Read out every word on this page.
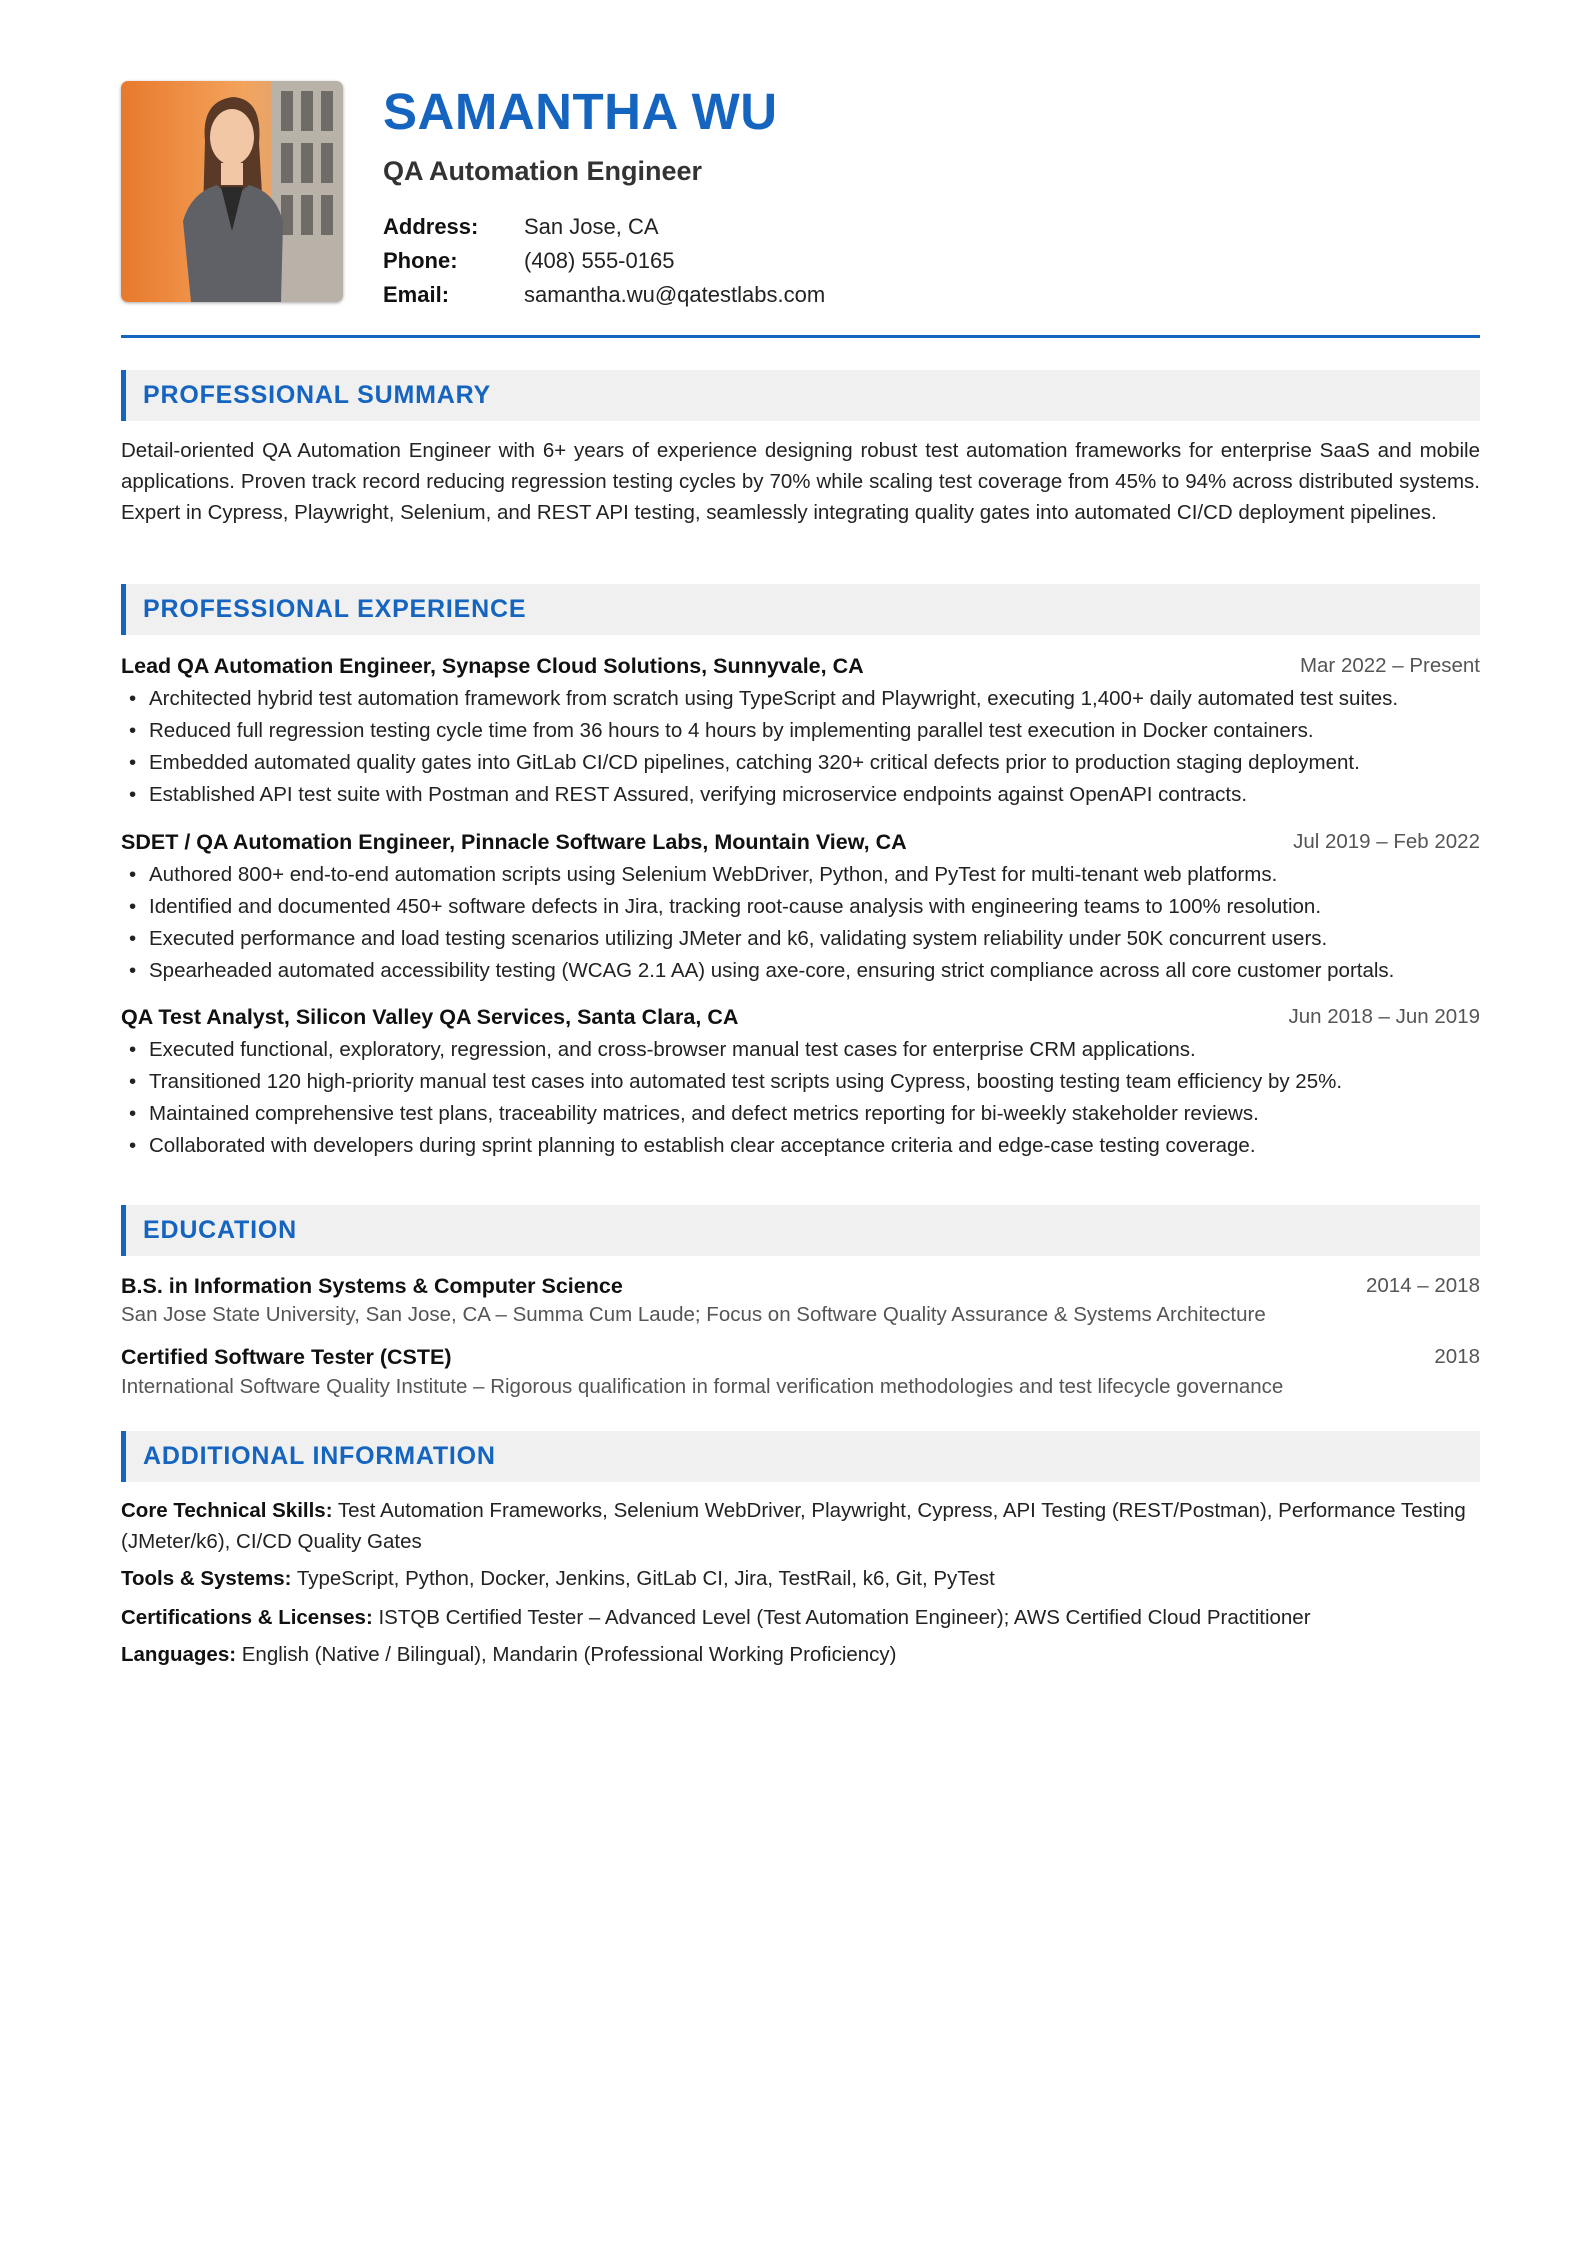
SAMANTHA WU
QA Automation Engineer
Address:	San Jose, CA
Phone:	(408) 555-0165
Email:	samantha.wu@qatestlabs.com
PROFESSIONAL SUMMARY

Detail-oriented QA Automation Engineer with 6+ years of experience designing robust test automation frameworks for enterprise SaaS and mobile applications. Proven track record reducing regression testing cycles by 70% while scaling test coverage from 45% to 94% across distributed systems. Expert in Cypress, Playwright, Selenium, and REST API testing, seamlessly integrating quality gates into automated CI/CD deployment pipelines.

PROFESSIONAL EXPERIENCE
Lead QA Automation Engineer, Synapse Cloud Solutions, Sunnyvale, CA	Mar 2022 – Present
• Architected hybrid test automation framework from scratch using TypeScript and Playwright, executing 1,400+ daily automated test suites.
• Reduced full regression testing cycle time from 36 hours to 4 hours by implementing parallel test execution in Docker containers.
• Embedded automated quality gates into GitLab CI/CD pipelines, catching 320+ critical defects prior to production staging deployment.
• Established API test suite with Postman and REST Assured, verifying microservice endpoints against OpenAPI contracts.
SDET / QA Automation Engineer, Pinnacle Software Labs, Mountain View, CA	Jul 2019 – Feb 2022
• Authored 800+ end-to-end automation scripts using Selenium WebDriver, Python, and PyTest for multi-tenant web platforms.
• Identified and documented 450+ software defects in Jira, tracking root-cause analysis with engineering teams to 100% resolution.
• Executed performance and load testing scenarios utilizing JMeter and k6, validating system reliability under 50K concurrent users.
• Spearheaded automated accessibility testing (WCAG 2.1 AA) using axe-core, ensuring strict compliance across all core customer portals.
QA Test Analyst, Silicon Valley QA Services, Santa Clara, CA	Jun 2018 – Jun 2019
• Executed functional, exploratory, regression, and cross-browser manual test cases for enterprise CRM applications.
• Transitioned 120 high-priority manual test cases into automated test scripts using Cypress, boosting testing team efficiency by 25%.
• Maintained comprehensive test plans, traceability matrices, and defect metrics reporting for bi-weekly stakeholder reviews.
• Collaborated with developers during sprint planning to establish clear acceptance criteria and edge-case testing coverage.
EDUCATION
B.S. in Information Systems & Computer Science	2014 – 2018
San Jose State University, San Jose, CA – Summa Cum Laude; Focus on Software Quality Assurance & Systems Architecture
Certified Software Tester (CSTE)	2018
International Software Quality Institute – Rigorous qualification in formal verification methodologies and test lifecycle governance
ADDITIONAL INFORMATION

Core Technical Skills: Test Automation Frameworks, Selenium WebDriver, Playwright, Cypress, API Testing (REST/Postman), Performance Testing (JMeter/k6), CI/CD Quality Gates

Tools & Systems: TypeScript, Python, Docker, Jenkins, GitLab CI, Jira, TestRail, k6, Git, PyTest

Certifications & Licenses: ISTQB Certified Tester – Advanced Level (Test Automation Engineer); AWS Certified Cloud Practitioner

Languages: English (Native / Bilingual), Mandarin (Professional Working Proficiency)
